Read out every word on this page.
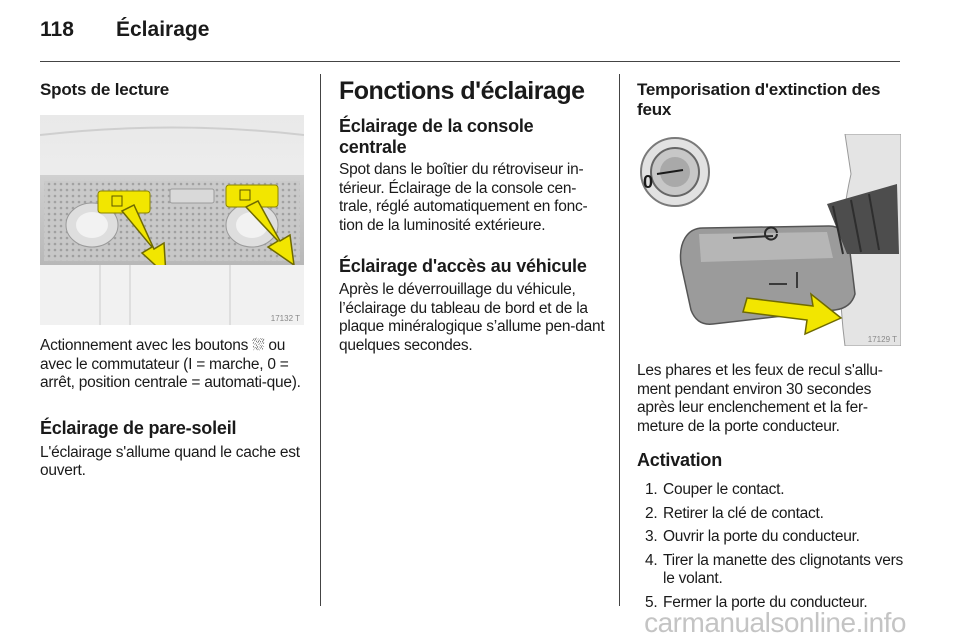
118 Éclairage
Spots de lecture
17132 T

Actionnement avec les boutons ⛆ ou avec le commutateur (I = marche, 0 = arrêt, position centrale = automati-que).

Éclairage de pare-soleil

L'éclairage s'allume quand le cache est ouvert.

Fonctions d'éclairage
Éclairage de la console centrale

Spot dans le boîtier du rétroviseur in-térieur. Éclairage de la console cen-trale, réglé automatiquement en fonc-tion de la luminosité extérieure.

Éclairage d'accès au véhicule

Après le déverrouillage du véhicule, l’éclairage du tableau de bord et de la plaque minéralogique s’allume pen-dant quelques secondes.

Temporisation d'extinction des feux
0
17129 T

Les phares et les feux de recul s'allu-ment pendant environ 30 secondes après leur enclenchement et la fer-meture de la porte conducteur.

Activation
1. Couper le contact.
2. Retirer la clé de contact.
3. Ouvrir la porte du conducteur.
4. Tirer la manette des clignotants vers le volant.
5. Fermer la porte du conducteur.
carmanualsonline.info
